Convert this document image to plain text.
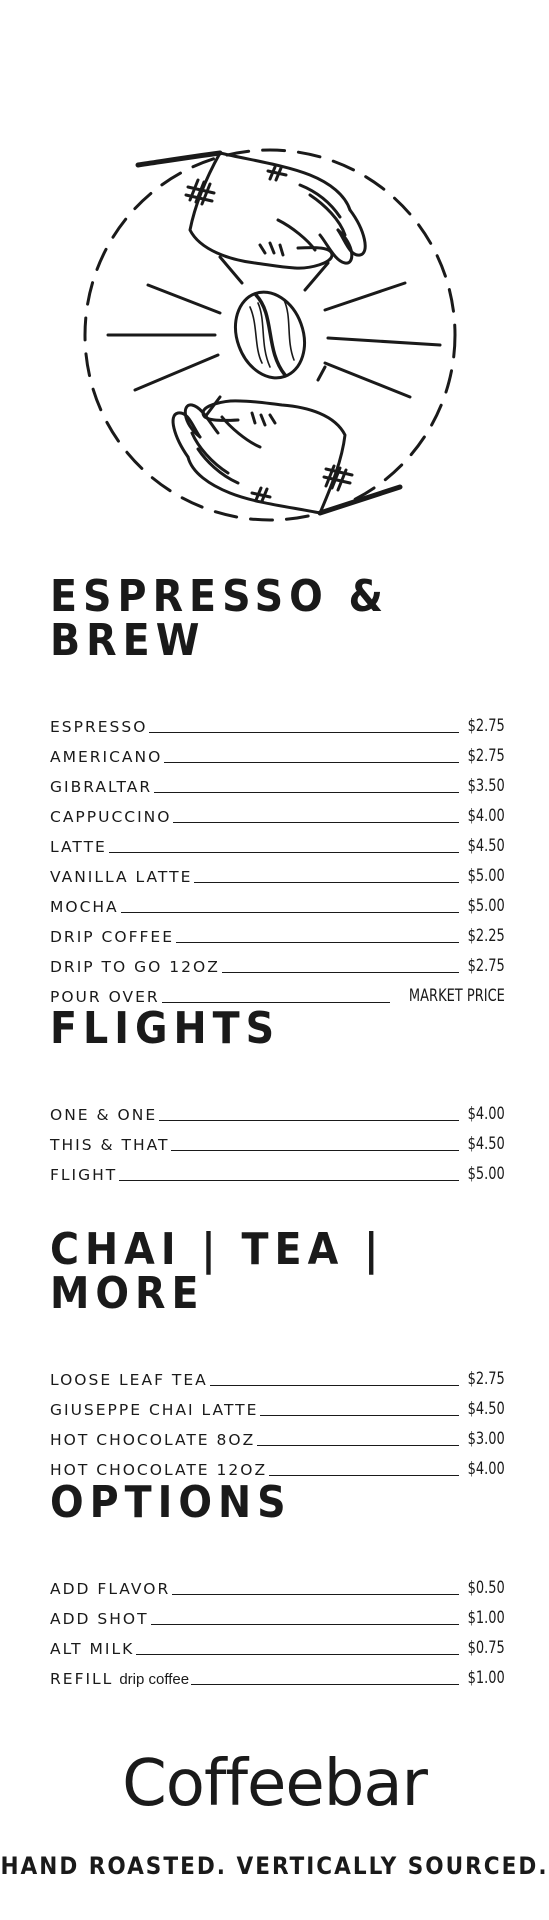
ESPRESSO & BREW
ESPRESSO	$2.75
AMERICANO	$2.75
GIBRALTAR	$3.50
CAPPUCCINO	$4.00
LATTE	$4.50
VANILLA LATTE	$5.00
MOCHA	$5.00
DRIP COFFEE	$2.25
DRIP TO GO 12OZ	$2.75
POUR OVER	MARKET PRICE
FLIGHTS
ONE & ONE	$4.00
THIS & THAT	$4.50
FLIGHT	$5.00
CHAI | TEA | MORE
LOOSE LEAF TEA	$2.75
GIUSEPPE CHAI LATTE	$4.50
HOT CHOCOLATE 8OZ	$3.00
HOT CHOCOLATE 12OZ	$4.00
OPTIONS
ADD FLAVOR	$0.50
ADD SHOT	$1.00
ALT MILK	$0.75
REFILL drip coffee	$1.00
Coffeebar
HAND ROASTED. VERTICALLY SOURCED.
